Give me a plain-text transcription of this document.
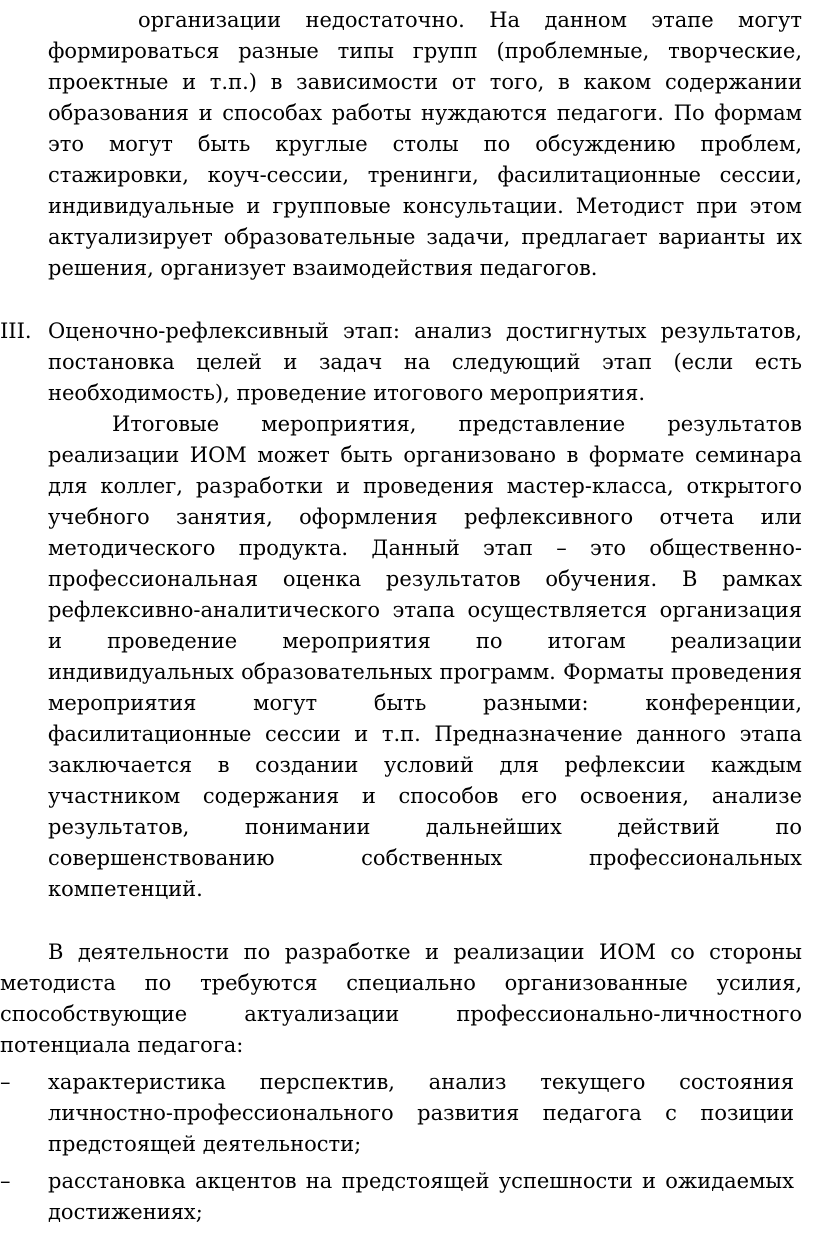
организации недостаточно. На данном этапе могут формироваться разные типы групп (проблемные, творческие, проектные и т.п.) в зависимости от того, в каком содержании образования и способах работы нуждаются педагоги. По формам это могут быть круглые столы по обсуждению проблем, стажировки, коуч-сессии, тренинги, фасилитационные сессии, индивидуальные и групповые консультации. Методист при этом актуализирует образовательные задачи, предлагает варианты их решения, организует взаимодействия педагогов.

III. Оценочно-рефлексивный этап: анализ достигнутых результатов, постановка целей и задач на следующий этап (если есть необходимость), проведение итогового мероприятия.

Итоговые мероприятия, представление результатов реализации ИОМ может быть организовано в формате семинара для коллег, разработки и проведения мастер-класса, открытого учебного занятия, оформления рефлексивного отчета или методического продукта. Данный этап – это общественно-профессиональная оценка результатов обучения. В рамках рефлексивно-аналитического этапа осуществляется организация и проведение мероприятия по итогам реализации индивидуальных образовательных программ. Форматы проведения мероприятия могут быть разными: конференции, фасилитационные сессии и т.п. Предназначение данного этапа заключается в создании условий для рефлексии каждым участником содержания и способов его освоения, анализе результатов, понимании дальнейших действий по совершенствованию собственных профессиональных компетенций.

В деятельности по разработке и реализации ИОМ со стороны методиста по требуются специально организованные усилия, способствующие актуализации профессионально-личностного потенциала педагога:

– характеристика перспектив, анализ текущего состояния личностно-профессионального развития педагога с позиции предстоящей деятельности;
– расстановка акцентов на предстоящей успешности и ожидаемых достижениях;
